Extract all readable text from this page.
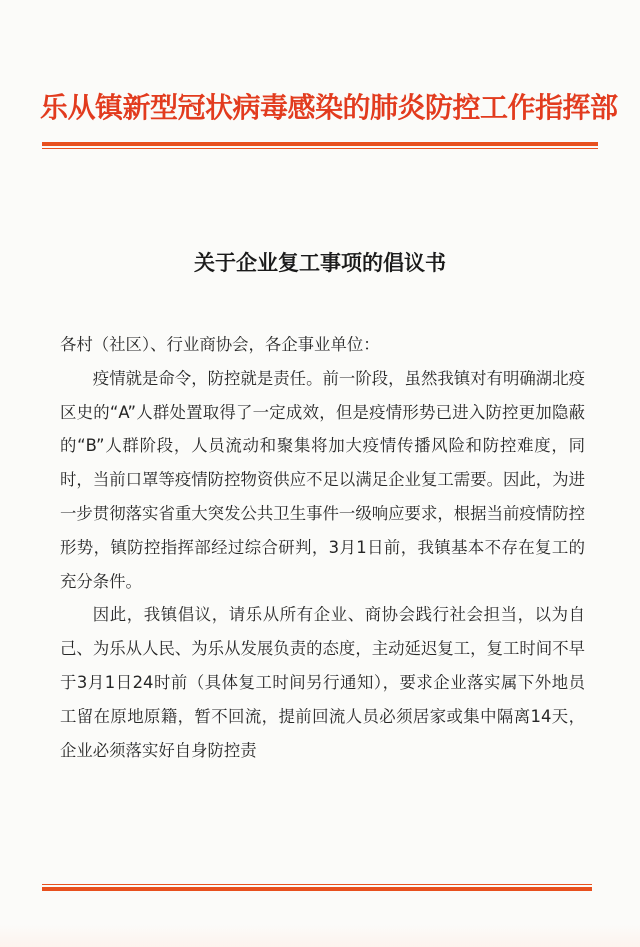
乐从镇新型冠状病毒感染的肺炎防控工作指挥部
关于企业复工事项的倡议书

各村（社区）、行业商协会，各企事业单位：

疫情就是命令，防控就是责任。前一阶段，虽然我镇对有明确湖北疫区史的“A”人群处置取得了一定成效，但是疫情形势已进入防控更加隐蔽的“B”人群阶段，人员流动和聚集将加大疫情传播风险和防控难度，同时，当前口罩等疫情防控物资供应不足以满足企业复工需要。因此，为进一步贯彻落实省重大突发公共卫生事件一级响应要求，根据当前疫情防控形势，镇防控指挥部经过综合研判，3月1日前，我镇基本不存在复工的充分条件。

因此，我镇倡议，请乐从所有企业、商协会践行社会担当，以为自己、为乐从人民、为乐从发展负责的态度，主动延迟复工，复工时间不早于3月1日24时前（具体复工时间另行通知），要求企业落实属下外地员工留在原地原籍，暂不回流，提前回流人员必须居家或集中隔离14天，企业必须落实好自身防控责
